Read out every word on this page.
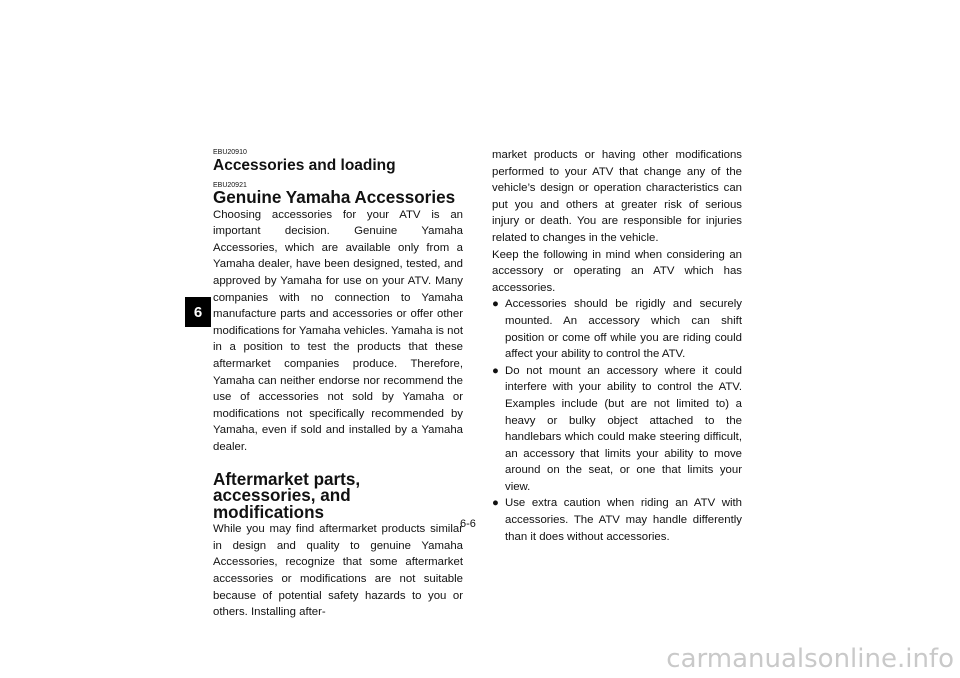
6
EBU20910
Accessories and loading
EBU20921
Genuine Yamaha Accessories

Choosing accessories for your ATV is an important decision. Genuine Yamaha Accessories, which are available only from a Yamaha dealer, have been designed, tested, and approved by Yamaha for use on your ATV. Many companies with no connection to Yamaha manufacture parts and accessories or offer other modifications for Yamaha vehicles. Yamaha is not in a position to test the products that these aftermarket companies produce. Therefore, Yamaha can neither endorse nor recommend the use of accessories not sold by Yamaha or modifications not specifically recommended by Yamaha, even if sold and installed by a Yamaha dealer.

Aftermarket parts, accessories, and modifications

While you may find aftermarket products similar in design and quality to genuine Yamaha Accessories, recognize that some aftermarket accessories or modifications are not suitable because of potential safety hazards to you or others. Installing after-

market products or having other modifications performed to your ATV that change any of the vehicle’s design or operation characteristics can put you and others at greater risk of serious injury or death. You are responsible for injuries related to changes in the vehicle.

Keep the following in mind when considering an accessory or operating an ATV which has accessories.

● Accessories should be rigidly and securely mounted. An accessory which can shift position or come off while you are riding could affect your ability to control the ATV.
● Do not mount an accessory where it could interfere with your ability to control the ATV. Examples include (but are not limited to) a heavy or bulky object attached to the handlebars which could make steering difficult, an accessory that limits your ability to move around on the seat, or one that limits your view.
● Use extra caution when riding an ATV with accessories. The ATV may handle differently than it does without accessories.
6-6
carmanualsonline.info
